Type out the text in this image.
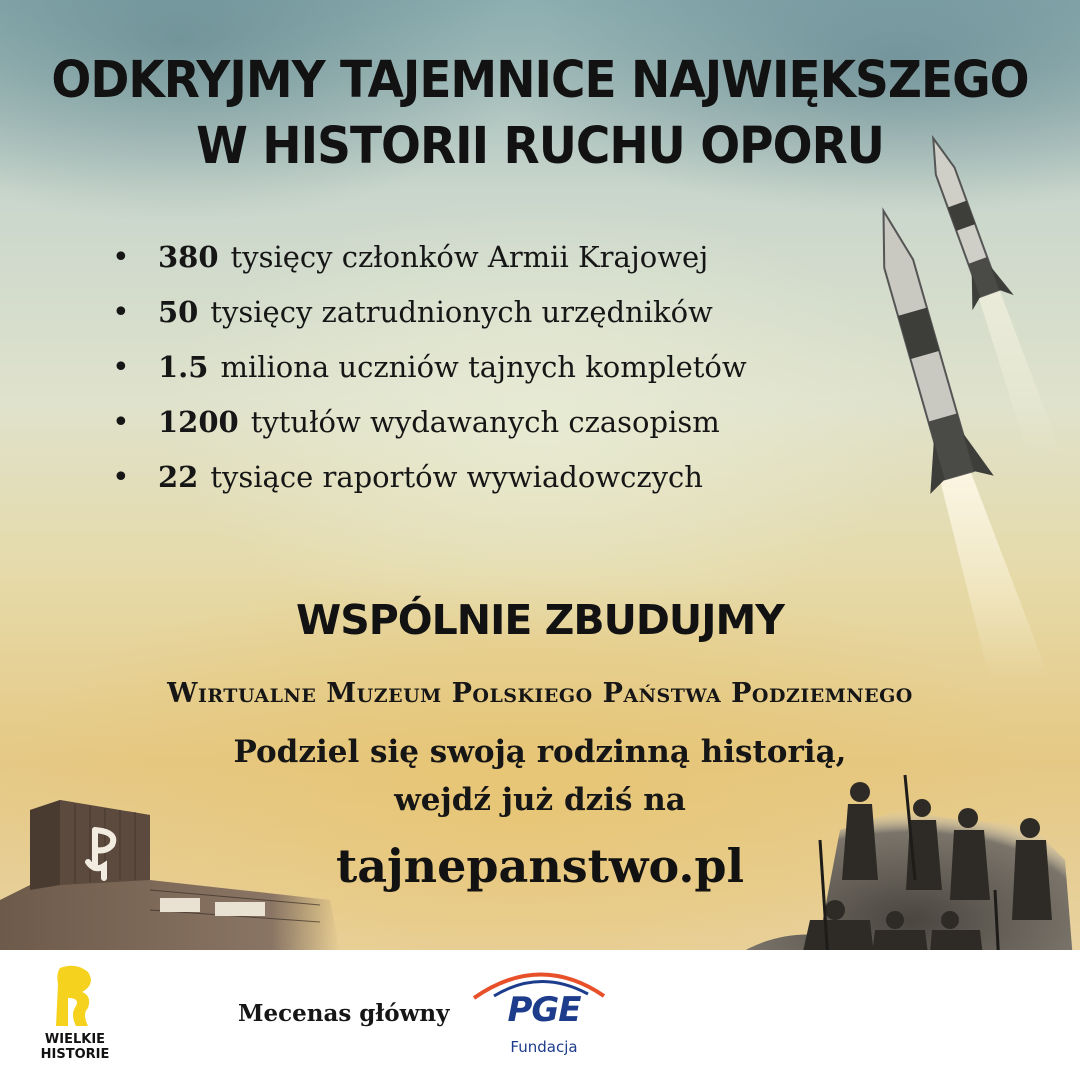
ODKRYJMY TAJEMNICE NAJWIĘKSZEGO
W HISTORII RUCHU OPORU
• 380 tysięcy członków Armii Krajowej
• 50 tysięcy zatrudnionych urzędników
• 1.5 miliona uczniów tajnych kompletów
• 1200 tytułów wydawanych czasopism
• 22 tysiące raportów wywiadowczych
WSPÓLNIE ZBUDUJMY
Wirtualne Muzeum Polskiego Państwa Podziemnego
Podziel się swoją rodzinną historią,
wejdź już dziś na
tajnepanstwo.pl
WIELKIE
HISTORIE
Mecenas główny	PGE
Fundacja
